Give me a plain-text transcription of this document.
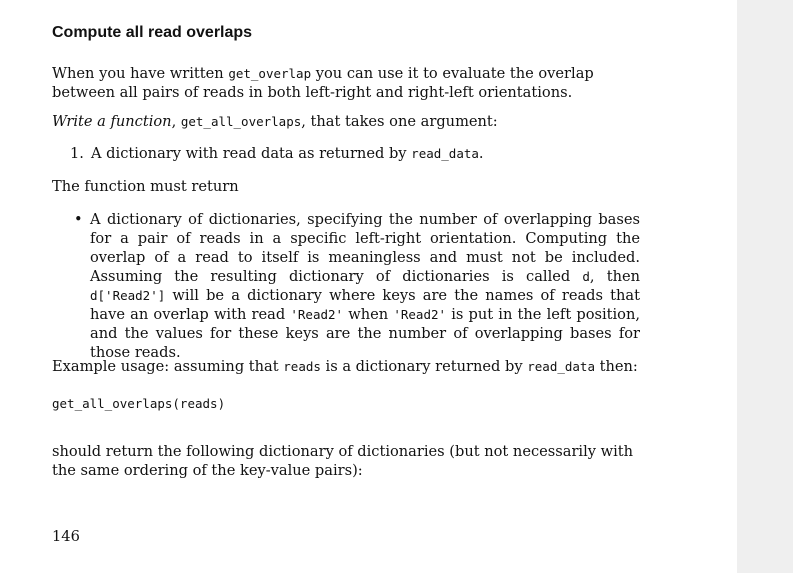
Compute all read overlaps

When you have written get_overlap you can use it to evaluate the overlap between all pairs of reads in both left-right and right-left orientations.

Write a function, get_all_overlaps, that takes one argument:

1. A dictionary with read data as returned by read_data.

The function must return

• A dictionary of dictionaries, specifying the number of overlapping bases for a pair of reads in a specific left-right orientation. Computing the overlap of a read to itself is meaningless and must not be included. Assuming the resulting dictionary of dictionaries is called d, then d['Read2'] will be a dictionary where keys are the names of reads that have an overlap with read 'Read2' when 'Read2' is put in the left position, and the values for these keys are the number of overlapping bases for those reads.

Example usage: assuming that reads is a dictionary returned by read_data then:

get_all_overlaps(reads)

should return the following dictionary of dictionaries (but not necessarily with the same ordering of the key-value pairs):

146
